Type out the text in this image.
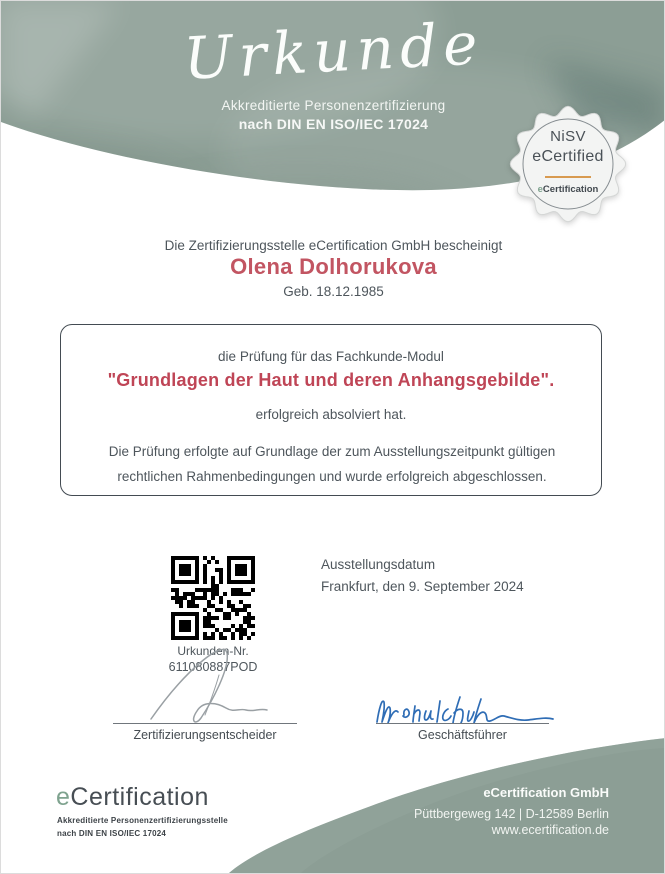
Urkunde
Akkreditierte Personenzertifizierung
nach DIN EN ISO/IEC 17024
NiSV
eCertified
eCertification
Die Zertifizierungsstelle eCertification GmbH bescheinigt
Olena Dolhorukova
Geb. 18.12.1985
die Prüfung für das Fachkunde-Modul
"Grundlagen der Haut und deren Anhangsgebilde".
erfolgreich absolviert hat.
Die Prüfung erfolgte auf Grundlage der zum Ausstellungszeitpunkt gültigen rechtlichen Rahmenbedingungen und wurde erfolgreich abgeschlossen.
Urkunden-Nr.
611080887POD
Ausstellungsdatum
Frankfurt, den 9. September 2024
Zertifizierungsentscheider	Geschäftsführer
eCertification
Akkreditierte Personenzertifizierungsstelle
nach DIN EN ISO/IEC 17024
eCertification GmbH
Püttbergeweg 142 | D-12589 Berlin
www.ecertification.de
